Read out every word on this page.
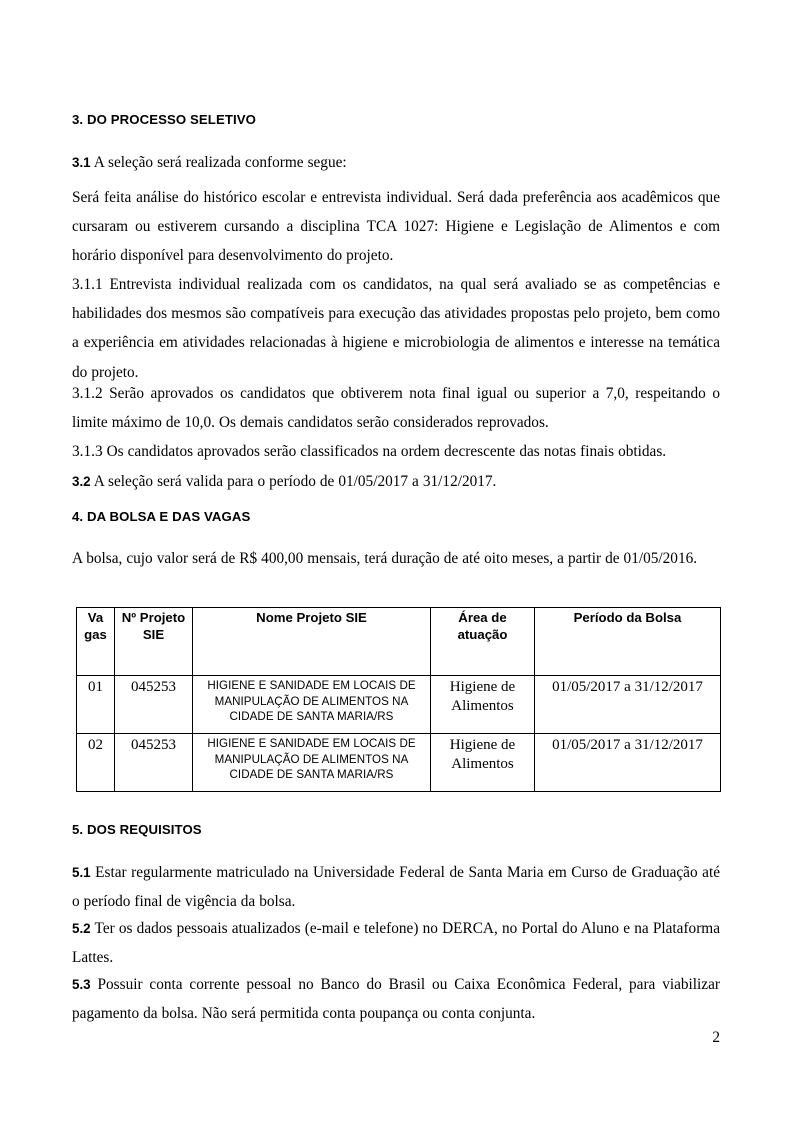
3. DO PROCESSO SELETIVO

3.1 A seleção será realizada conforme segue:

Será feita análise do histórico escolar e entrevista individual. Será dada preferência aos acadêmicos que cursaram ou estiverem cursando a disciplina TCA 1027: Higiene e Legislação de Alimentos e com horário disponível para desenvolvimento do projeto.

3.1.1 Entrevista individual realizada com os candidatos, na qual será avaliado se as competências e habilidades dos mesmos são compatíveis para execução das atividades propostas pelo projeto, bem como a experiência em atividades relacionadas à higiene e microbiologia de alimentos e interesse na temática do projeto.

3.1.2 Serão aprovados os candidatos que obtiverem nota final igual ou superior a 7,0, respeitando o limite máximo de 10,0. Os demais candidatos serão considerados reprovados.

3.1.3 Os candidatos aprovados serão classificados na ordem decrescente das notas finais obtidas.

3.2 A seleção será valida para o período de 01/05/2017 a 31/12/2017.

4. DA BOLSA E DAS VAGAS

A bolsa, cujo valor será de R$ 400,00 mensais, terá duração de até oito meses, a partir de 01/05/2016.

Va gas	Nº Projeto SIE	Nome Projeto SIE	Área de atuação	Período da Bolsa
01	045253	HIGIENE E SANIDADE EM LOCAIS DE MANIPULAÇÃO DE ALIMENTOS NA CIDADE DE SANTA MARIA/RS	Higiene de Alimentos	01/05/2017 a 31/12/2017
02	045253	HIGIENE E SANIDADE EM LOCAIS DE MANIPULAÇÃO DE ALIMENTOS NA CIDADE DE SANTA MARIA/RS	Higiene de Alimentos	01/05/2017 a 31/12/2017
5. DOS REQUISITOS

5.1 Estar regularmente matriculado na Universidade Federal de Santa Maria em Curso de Graduação até o período final de vigência da bolsa.

5.2 Ter os dados pessoais atualizados (e-mail e telefone) no DERCA, no Portal do Aluno e na Plataforma Lattes.

5.3 Possuir conta corrente pessoal no Banco do Brasil ou Caixa Econômica Federal, para viabilizar pagamento da bolsa. Não será permitida conta poupança ou conta conjunta.

2
